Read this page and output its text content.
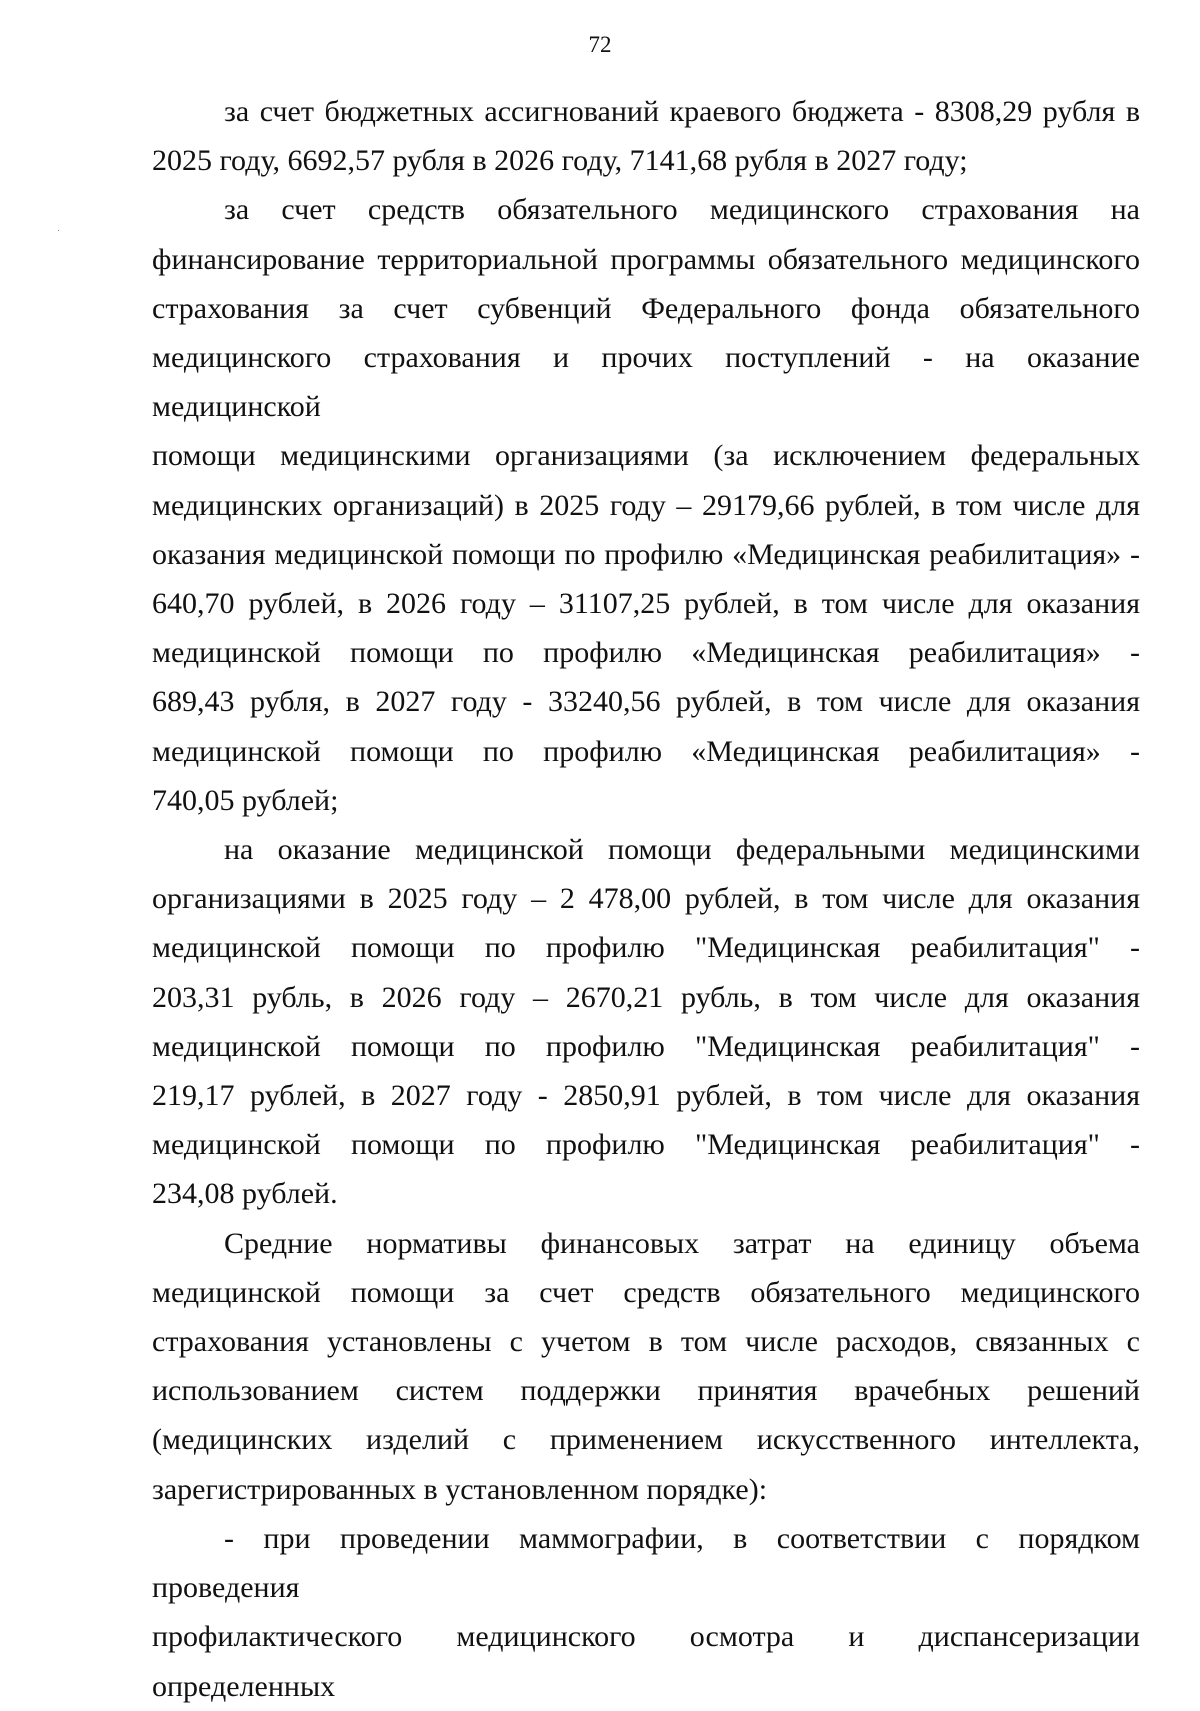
72

за счет бюджетных ассигнований краевого бюджета - 8308,29 рубля в
2025 году, 6692,57 рубля в 2026 году, 7141,68 рубля в 2027 году;

за счет средств обязательного медицинского страхования на
финансирование территориальной программы обязательного медицинского
страхования за счет субвенций Федерального фонда обязательного
медицинского страхования и прочих поступлений - на оказание медицинской
помощи медицинскими организациями (за исключением федеральных
медицинских организаций) в 2025 году – 29179,66 рублей, в том числе для
оказания медицинской помощи по профилю «Медицинская реабилитация» -
640,70 рублей, в 2026 году – 31107,25 рублей, в том числе для оказания
медицинской помощи по профилю «Медицинская реабилитация» -
689,43 рубля, в 2027 году - 33240,56 рублей, в том числе для оказания
медицинской помощи по профилю «Медицинская реабилитация» -
740,05 рублей;

на оказание медицинской помощи федеральными медицинскими
организациями в 2025 году – 2 478,00 рублей, в том числе для оказания
медицинской помощи по профилю "Медицинская реабилитация" -
203,31 рубль, в 2026 году – 2670,21 рубль, в том числе для оказания
медицинской помощи по профилю "Медицинская реабилитация" -
219,17 рублей, в 2027 году - 2850,91 рублей, в том числе для оказания
медицинской помощи по профилю "Медицинская реабилитация" -
234,08 рублей.

Средние нормативы финансовых затрат на единицу объема
медицинской помощи за счет средств обязательного медицинского
страхования установлены с учетом в том числе расходов, связанных с
использованием систем поддержки принятия врачебных решений
(медицинских изделий с применением искусственного интеллекта,
зарегистрированных в установленном порядке):

- при проведении маммографии, в соответствии с порядком проведения
профилактического медицинского осмотра и диспансеризации определенных
